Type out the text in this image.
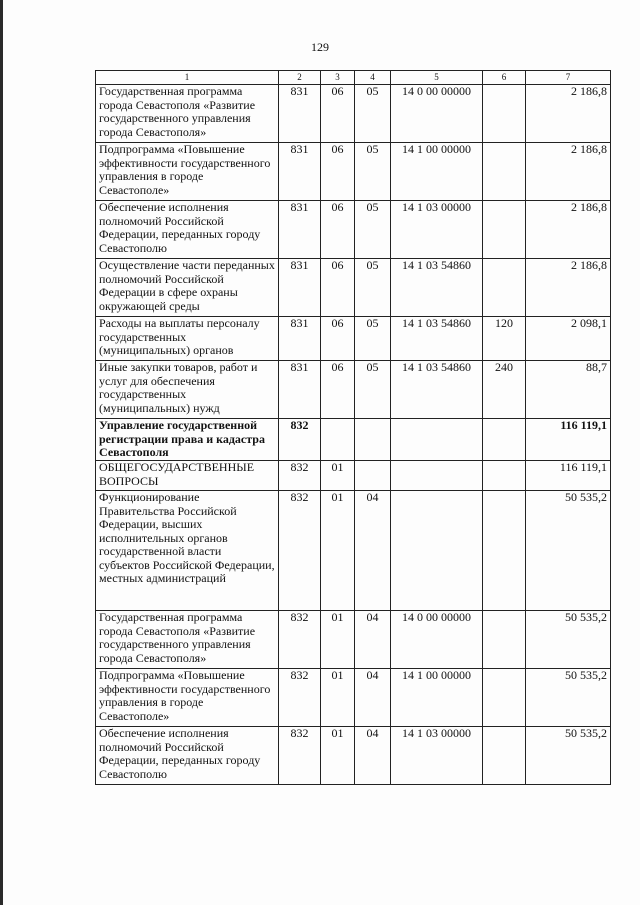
129
1	2	3	4	5	6	7
Государственная программа города Севастополя «Развитие государственного управления города Севастополя»	831	06	05	14 0 00 00000		2 186,8
Подпрограмма «Повышение эффективности государственного управления в городе Севастополе»	831	06	05	14 1 00 00000		2 186,8
Обеспечение исполнения полномочий Российской Федерации, переданных городу Севастополю	831	06	05	14 1 03 00000		2 186,8
Осуществление части переданных полномочий Российской Федерации в сфере охраны окружающей среды	831	06	05	14 1 03 54860		2 186,8
Расходы на выплаты персоналу государственных (муниципальных) органов	831	06	05	14 1 03 54860	120	2 098,1
Иные закупки товаров, работ и услуг для обеспечения государственных (муниципальных) нужд	831	06	05	14 1 03 54860	240	88,7
Управление государственной регистрации права и кадастра Севастополя	832					116 119,1
ОБЩЕГОСУДАРСТВЕННЫЕ ВОПРОСЫ	832	01				116 119,1
Функционирование Правительства Российской Федерации, высших исполнительных органов государственной власти субъектов Российской Федерации, местных администраций	832	01	04			50 535,2
Государственная программа города Севастополя «Развитие государственного управления города Севастополя»	832	01	04	14 0 00 00000		50 535,2
Подпрограмма «Повышение эффективности государственного управления в городе Севастополе»	832	01	04	14 1 00 00000		50 535,2
Обеспечение исполнения полномочий Российской Федерации, переданных городу Севастополю	832	01	04	14 1 03 00000		50 535,2
